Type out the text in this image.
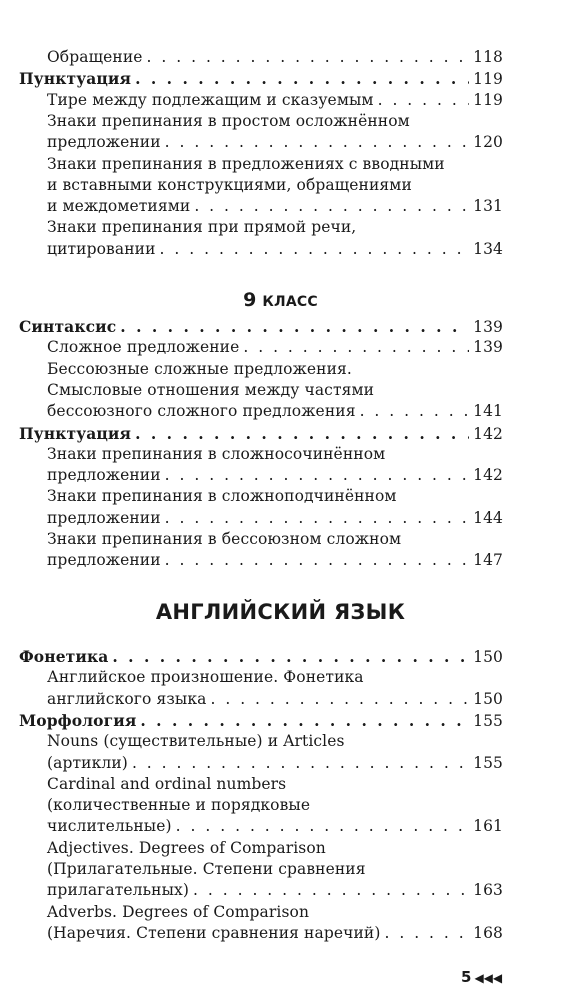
Обращение . . .	118
Пунктуация . . .	119
Тире между подлежащим и сказуемым . . .	119
Знаки препинания в простом осложнённом
предложении . . .	120
Знаки препинания в предложениях с вводными
и вставными конструкциями, обращениями
и междометиями . . .	131
Знаки препинания при прямой речи,
цитировании . . .	134
9 КЛАСС
Синтаксис . . .	139
Сложное предложение . . .	139
Бессоюзные сложные предложения.
Смысловые отношения между частями
бессоюзного сложного предложения . . .	141
Пунктуация . . .	142
Знаки препинания в сложносочинённом
предложении . . .	142
Знаки препинания в сложноподчинённом
предложении . . .	144
Знаки препинания в бессоюзном сложном
предложении . . .	147
АНГЛИЙСКИЙ ЯЗЫК
Фонетика . . .	150
Английское произношение. Фонетика
английского языка . . .	150
Морфология . . .	155
Nouns (существительные) и Articles
(артикли) . . .	155
Cardinal and ordinal numbers
(количественные и порядковые
числительные) . . .	161
Adjectives. Degrees of Comparison
(Прилагательные. Степени сравнения
прилагательных) . . .	163
Adverbs. Degrees of Comparison
(Наречия. Степени сравнения наречий) . . .	168
5 ◀◀◀
